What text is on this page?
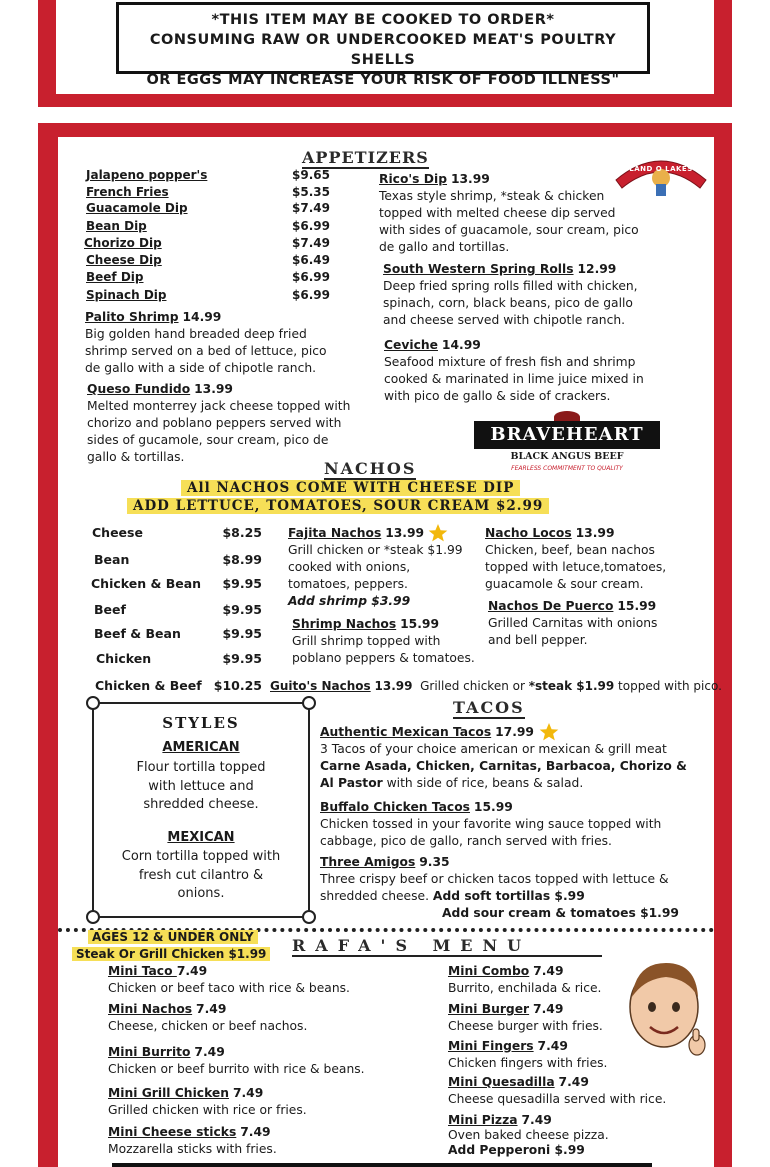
*THIS ITEM MAY BE COOKED TO ORDER*
CONSUMING RAW OR UNDERCOOKED MEAT'S POULTRY SHELLS
OR EGGS MAY INCREASE YOUR RISK OF FOOD ILLNESS"
APPETIZERS
Jalapeno popper's	$9.65
French Fries	$5.35
Guacamole Dip	$7.49
Bean Dip	$6.99
Chorizo Dip	$7.49
Cheese Dip	$6.49
Beef Dip	$6.99
Spinach Dip	$6.99
Palito Shrimp 14.99
Big golden hand breaded deep fried
shrimp served on a bed of lettuce, pico
de gallo with a side of chipotle ranch.
Queso Fundido 13.99
Melted monterrey jack cheese topped with
chorizo and poblano peppers served with
sides of gucamole, sour cream, pico de
gallo & tortillas.
Rico's Dip 13.99
Texas style shrimp, *steak & chicken
topped with melted cheese dip served
with sides of guacamole, sour cream, pico
de gallo and tortillas.
South Western Spring Rolls 12.99
Deep fried spring rolls filled with chicken,
spinach, corn, black beans, pico de gallo
and cheese served with chipotle ranch.
Ceviche 14.99
Seafood mixture of fresh fish and shrimp
cooked & marinated in lime juice mixed in
with pico de gallo & side of crackers.
LAND O LAKES
BRAVEHEART
BLACK ANGUS BEEF
FEARLESS COMMITMENT TO QUALITY
NACHOS
All NACHOS COME WITH CHEESE DIP
ADD LETTUCE, TOMATOES, SOUR CREAM $2.99
Cheese	$8.25
Bean	$8.99
Chicken & Bean $9.95
Beef	$9.95
Beef & Bean	$9.95
Chicken	$9.95
Chicken & Beef $10.25
Fajita Nachos 13.99
Grill chicken or *steak $1.99
cooked with onions,
tomatoes, peppers.
Add shrimp $3.99
Shrimp Nachos 15.99
Grill shrimp topped with
poblano peppers & tomatoes.
Nacho Locos 13.99
Chicken, beef, bean nachos
topped with letuce,tomatoes,
guacamole & sour cream.
Nachos De Puerco 15.99
Grilled Carnitas with onions
and bell pepper.
Guito's Nachos 13.99 Grilled chicken or *steak $1.99 topped with pico.
STYLES
AMERICAN
Flour tortilla topped
with lettuce and
shredded cheese.
MEXICAN
Corn tortilla topped with
fresh cut cilantro &
onions.
TACOS
Authentic Mexican Tacos 17.99
3 Tacos of your choice american or mexican & grill meat
Carne Asada, Chicken, Carnitas, Barbacoa, Chorizo &
Al Pastor with side of rice, beans & salad.
Buffalo Chicken Tacos 15.99
Chicken tossed in your favorite wing sauce topped with
cabbage, pico de gallo, ranch served with fries.
Three Amigos 9.35
Three crispy beef or chicken tacos topped with lettuce &
shredded cheese. Add soft tortillas $.99
Add sour cream & tomatoes $1.99
AGES 12 & UNDER ONLY
Steak Or Grill Chicken $1.99 RAFA'S MENU
Mini Taco 7.49
Chicken or beef taco with rice & beans.
Mini Nachos 7.49
Cheese, chicken or beef nachos.
Mini Burrito 7.49
Chicken or beef burrito with rice & beans.
Mini Grill Chicken 7.49
Grilled chicken with rice or fries.
Mini Cheese sticks 7.49
Mozzarella sticks with fries.
Mini Combo 7.49
Burrito, enchilada & rice.
Mini Burger 7.49
Cheese burger with fries.
Mini Fingers 7.49
Chicken fingers with fries.
Mini Quesadilla 7.49
Cheese quesadilla served with rice.
Mini Pizza 7.49
Oven baked cheese pizza.
Add Pepperoni $.99
